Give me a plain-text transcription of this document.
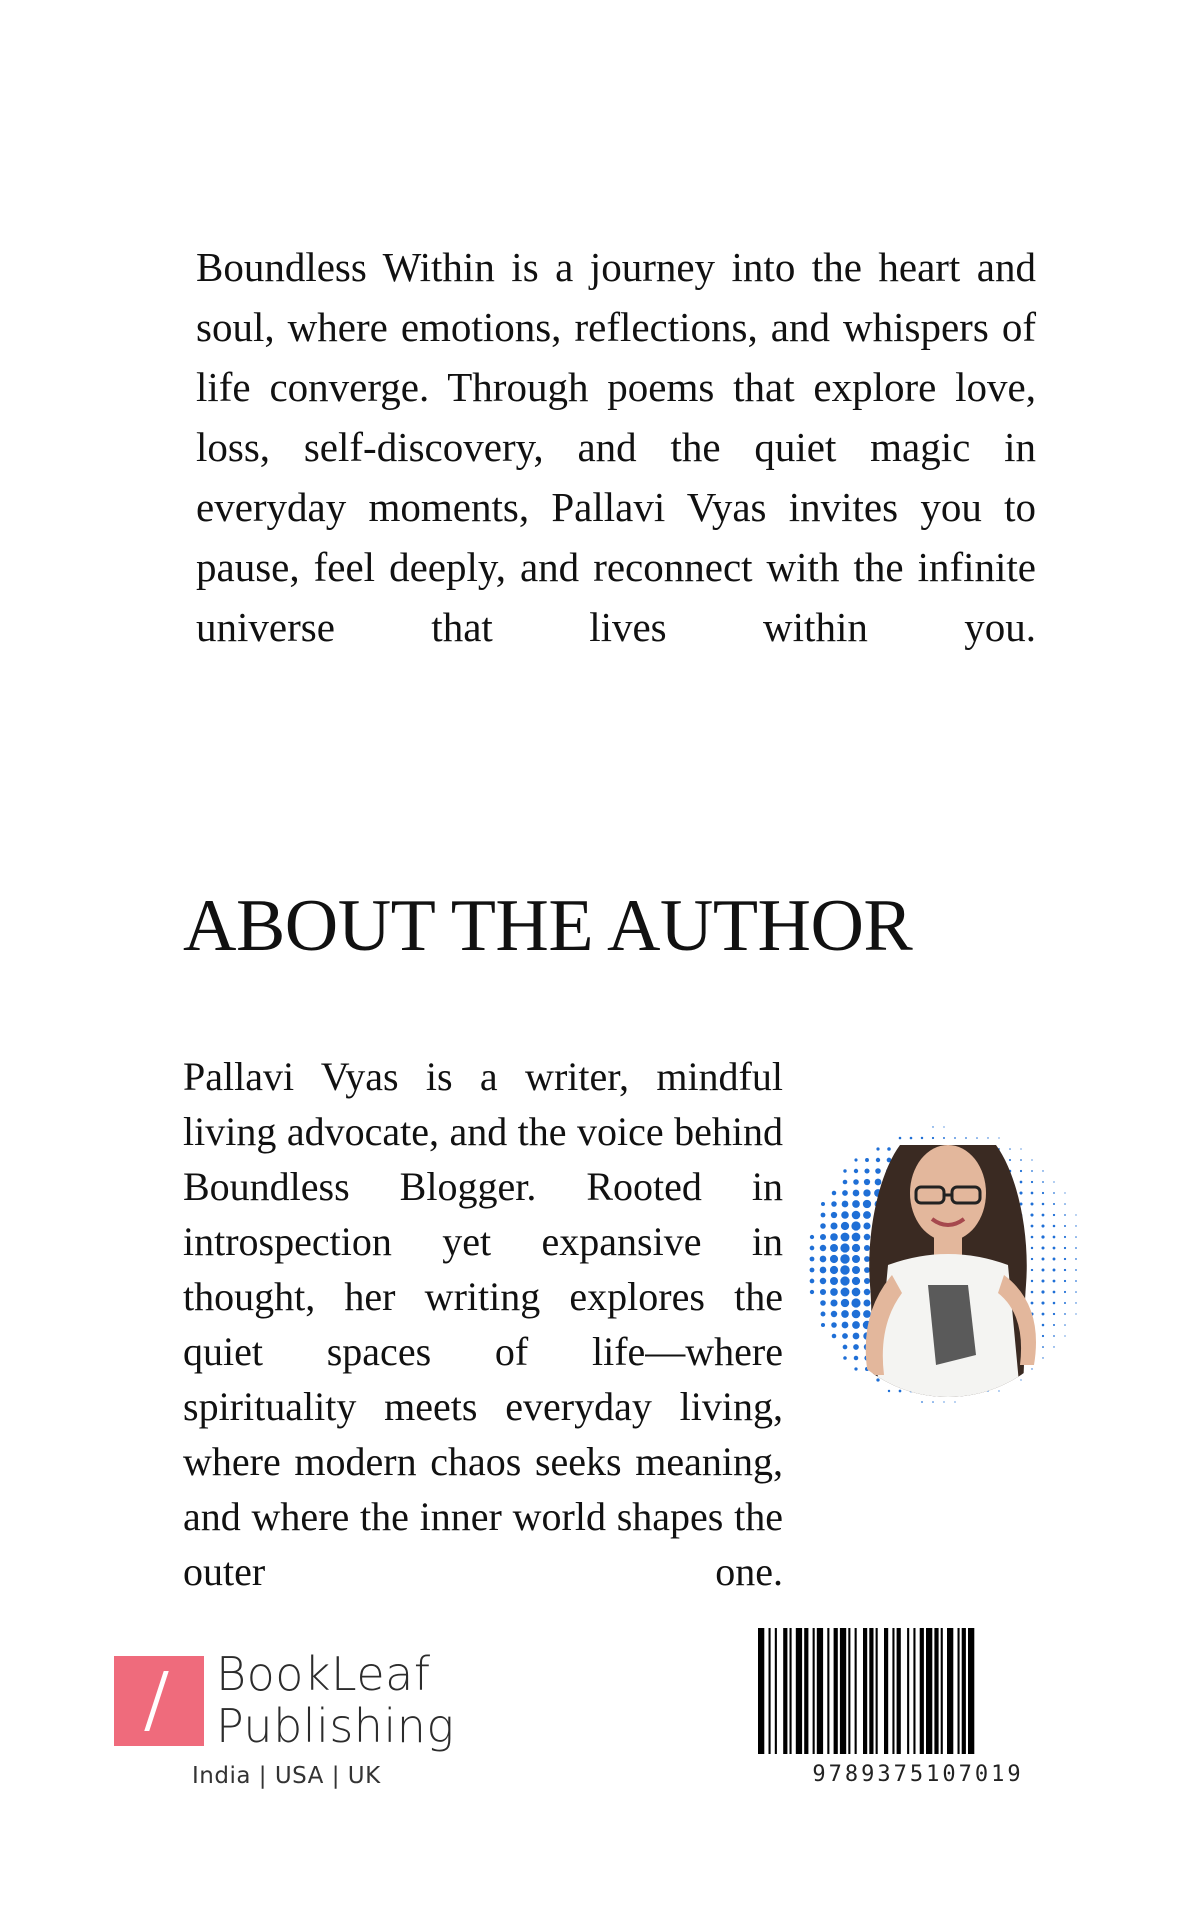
Boundless Within is a journey into the heart and soul, where emotions, reflections, and whispers of life converge. Through poems that explore love, loss, self-discovery, and the quiet magic in everyday moments, Pallavi Vyas invites you to pause, feel deeply, and reconnect with the infinite universe that lives within you.

ABOUT THE AUTHOR

Pallavi Vyas is a writer, mindful living advocate, and the voice behind Boundless Blogger. Rooted in introspection yet expansive in thought, her writing explores the quiet spaces of life—where spirituality meets everyday living, where modern chaos seeks meaning, and where the inner world shapes the outer one.

BookLeaf
Publishing
India | USA | UK	9789375107019
